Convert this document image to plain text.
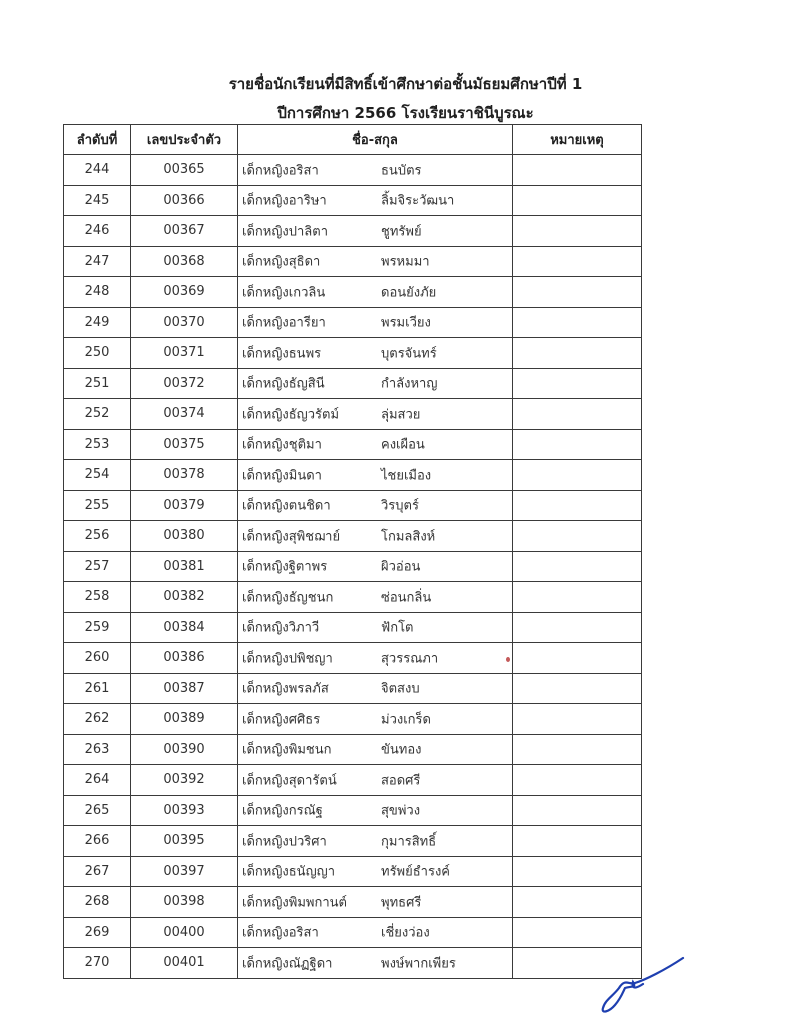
รายชื่อนักเรียนที่มีสิทธิ์เข้าศึกษาต่อชั้นมัธยมศึกษาปีที่ 1
ปีการศึกษา 2566 โรงเรียนราชินีบูรณะ
ลำดับที่	เลขประจำตัว	ชื่อ-สกุล	หมายเหตุ
244	00365	เด็กหญิงอริสา ธนบัตร	

245	00366	เด็กหญิงอาริษา ลิ้มจิระวัฒนา	

246	00367	เด็กหญิงปาลิตา ชูทรัพย์	

247	00368	เด็กหญิงสุธิดา พรหมมา	

248	00369	เด็กหญิงเกวลิน ดอนยังภัย	

249	00370	เด็กหญิงอารียา พรมเวียง	

250	00371	เด็กหญิงธนพร บุตรจันทร์	

251	00372	เด็กหญิงธัญสินี กำลังหาญ	

252	00374	เด็กหญิงธัญวรัตม์ ลุ่มสวย	

253	00375	เด็กหญิงชุติมา คงเผือน	

254	00378	เด็กหญิงมินดา ไชยเมือง	

255	00379	เด็กหญิงตนชิดา วิรบุตร์	

256	00380	เด็กหญิงสุพิชฌาย์ โกมลสิงห์	

257	00381	เด็กหญิงฐิตาพร ผิวอ่อน	

258	00382	เด็กหญิงธัญชนก ซ่อนกลิ่น	

259	00384	เด็กหญิงวิภาวี ฟักโต	

260	00386	เด็กหญิงปพิชญา สุวรรณภา	

261	00387	เด็กหญิงพรลภัส จิตสงบ	

262	00389	เด็กหญิงศศิธร ม่วงเกร็ด	

263	00390	เด็กหญิงพิมชนก ขันทอง	

264	00392	เด็กหญิงสุดารัตน์ สอดศรี	

265	00393	เด็กหญิงกรณัฐ สุขพ่วง	

266	00395	เด็กหญิงปวริศา กุมารสิทธิ์	

267	00397	เด็กหญิงธนัญญา ทรัพย์ธำรงค์	

268	00398	เด็กหญิงพิมพกานต์ พุทธศรี	

269	00400	เด็กหญิงอริสา เชี่ยงว่อง	

270	00401	เด็กหญิงณัฏฐิดา พงษ์พากเพียร	
